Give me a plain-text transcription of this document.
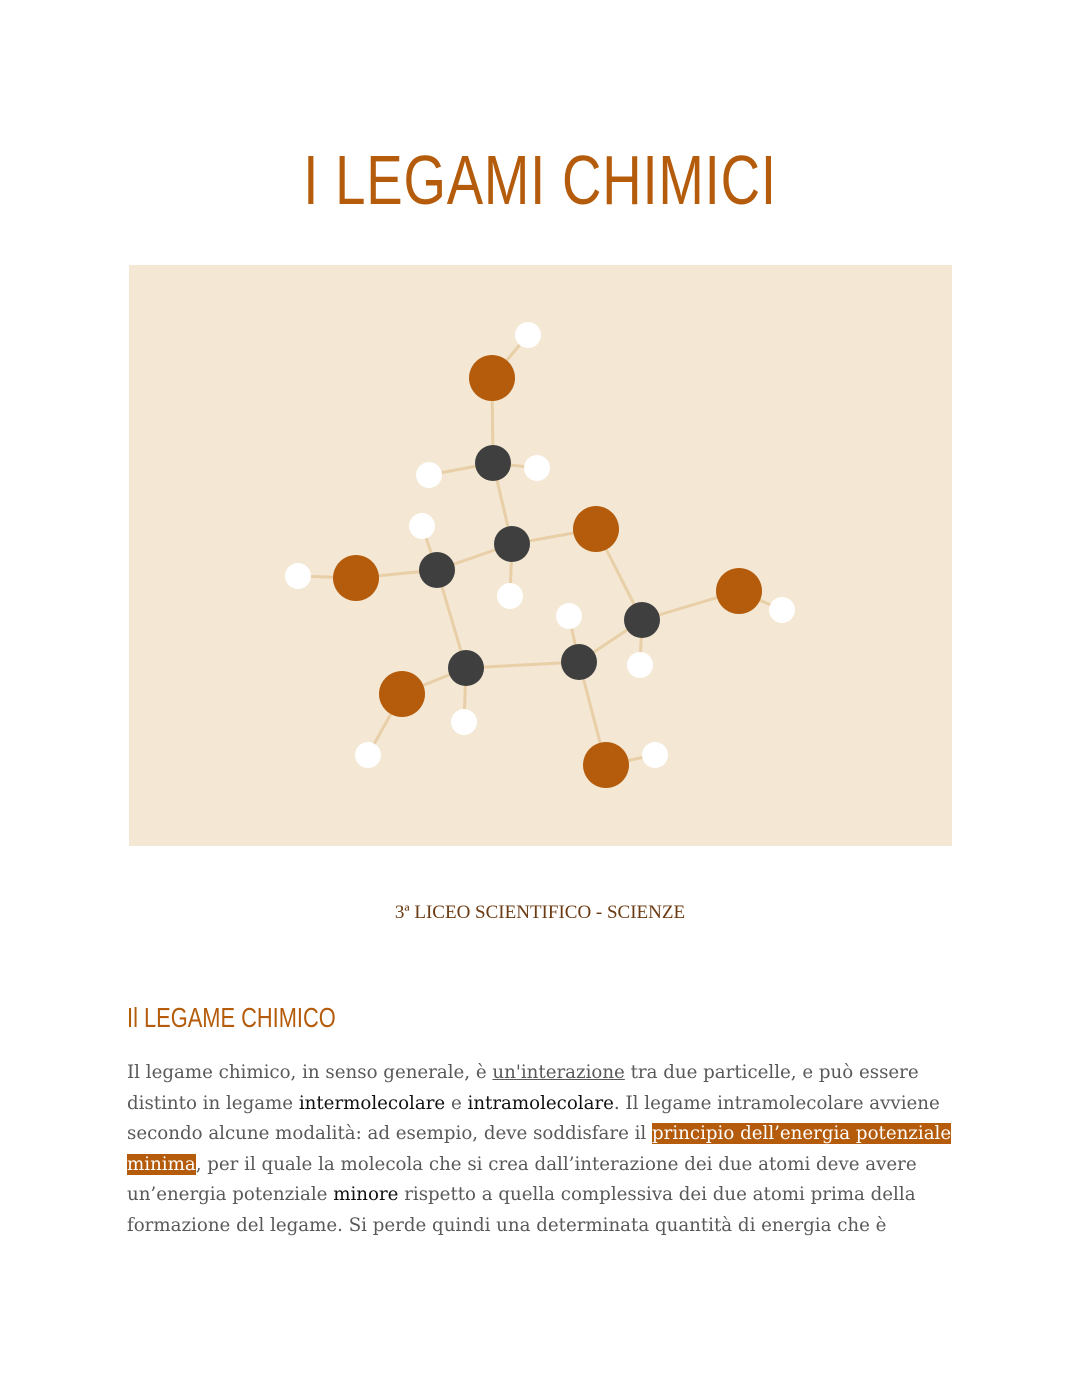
I LEGAMI CHIMICI

3ª LICEO SCIENTIFICO - SCIENZE

Il LEGAME CHIMICO

Il legame chimico, in senso generale, è un'interazione tra due particelle, e può essere distinto in legame intermolecolare e intramolecolare. Il legame intramolecolare avviene secondo alcune modalità: ad esempio, deve soddisfare il principio dell’energia potenziale minima, per il quale la molecola che si crea dall’interazione dei due atomi deve avere un’energia potenziale minore rispetto a quella complessiva dei due atomi prima della formazione del legame. Si perde quindi una determinata quantità di energia che è
